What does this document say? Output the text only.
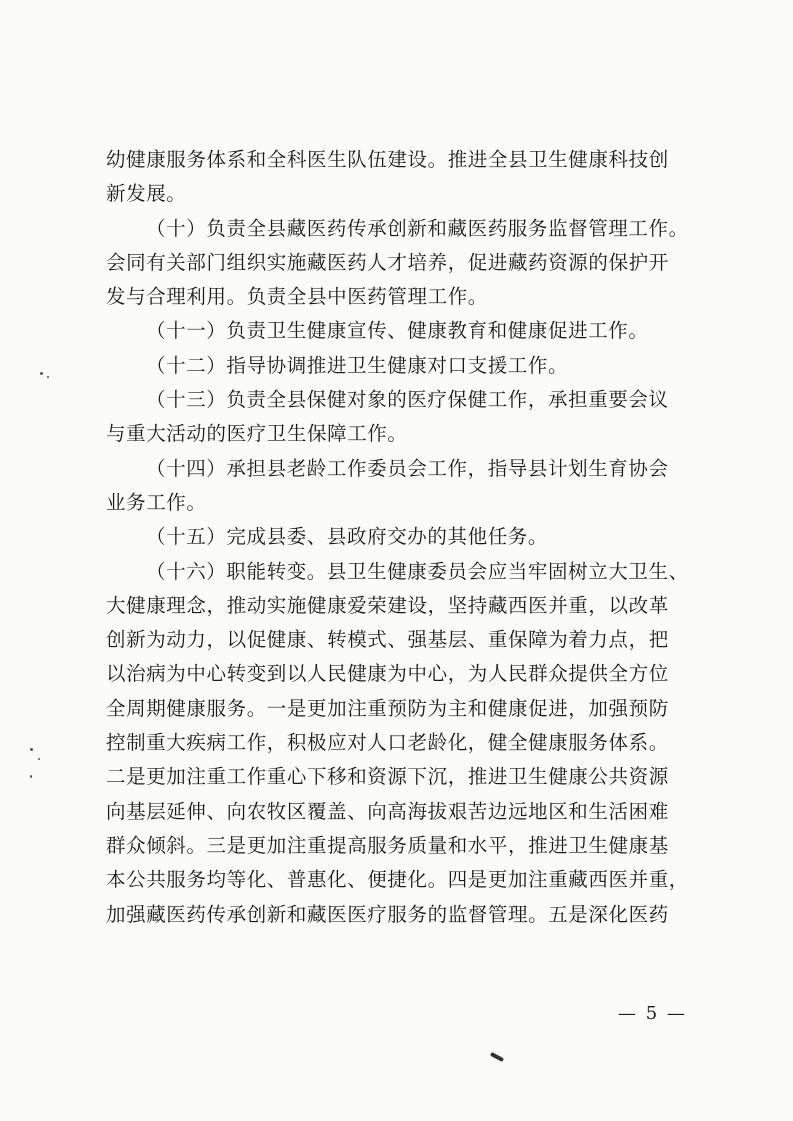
幼健康服务体系和全科医生队伍建设。推进全县卫生健康科技创

新发展。

（十）负责全县藏医药传承创新和藏医药服务监督管理工作。

会同有关部门组织实施藏医药人才培养，促进藏药资源的保护开

发与合理利用。负责全县中医药管理工作。

（十一）负责卫生健康宣传、健康教育和健康促进工作。

（十二）指导协调推进卫生健康对口支援工作。

（十三）负责全县保健对象的医疗保健工作，承担重要会议

与重大活动的医疗卫生保障工作。

（十四）承担县老龄工作委员会工作，指导县计划生育协会

业务工作。

（十五）完成县委、县政府交办的其他任务。

（十六）职能转变。县卫生健康委员会应当牢固树立大卫生、

大健康理念，推动实施健康爱荣建设，坚持藏西医并重，以改革

创新为动力，以促健康、转模式、强基层、重保障为着力点，把

以治病为中心转变到以人民健康为中心，为人民群众提供全方位

全周期健康服务。一是更加注重预防为主和健康促进，加强预防

控制重大疾病工作，积极应对人口老龄化，健全健康服务体系。

二是更加注重工作重心下移和资源下沉，推进卫生健康公共资源

向基层延伸、向农牧区覆盖、向高海拔艰苦边远地区和生活困难

群众倾斜。三是更加注重提高服务质量和水平，推进卫生健康基

本公共服务均等化、普惠化、便捷化。四是更加注重藏西医并重，

加强藏医药传承创新和藏医医疗服务的监督管理。五是深化医药

— 5 —
